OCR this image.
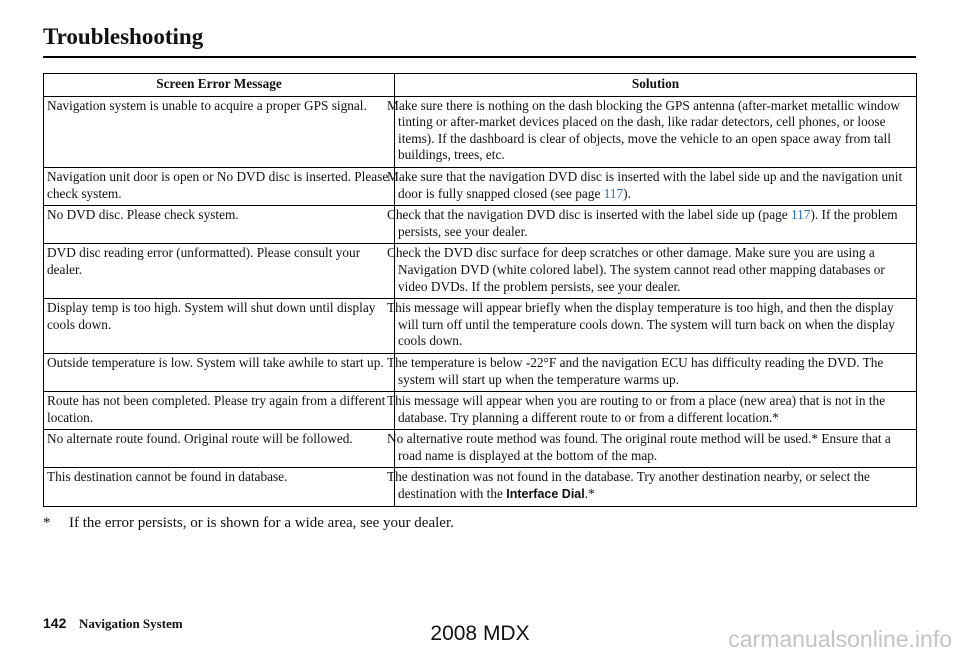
Troubleshooting
Screen Error Message	Solution
Navigation system is unable to acquire a proper GPS signal.	Make sure there is nothing on the dash blocking the GPS antenna (after-market metallic window tinting or after-market devices placed on the dash, like radar detectors, cell phones, or loose items). If the dashboard is clear of objects, move the vehicle to an open space away from tall buildings, trees, etc.
Navigation unit door is open or No DVD disc is inserted. Please check system.	Make sure that the navigation DVD disc is inserted with the label side up and the navigation unit door is fully snapped closed (see page 117).
No DVD disc. Please check system.	Check that the navigation DVD disc is inserted with the label side up (page 117). If the problem persists, see your dealer.
DVD disc reading error (unformatted). Please consult your dealer.	Check the DVD disc surface for deep scratches or other damage. Make sure you are using a Navigation DVD (white colored label). The system cannot read other mapping databases or video DVDs. If the problem persists, see your dealer.
Display temp is too high. System will shut down until display cools down.	This message will appear briefly when the display temperature is too high, and then the display will turn off until the temperature cools down. The system will turn back on when the display cools down.
Outside temperature is low. System will take awhile to start up.	The temperature is below -22°F and the navigation ECU has difficulty reading the DVD. The system will start up when the temperature warms up.
Route has not been completed. Please try again from a different location.	This message will appear when you are routing to or from a place (new area) that is not in the database. Try planning a different route to or from a different location.*
No alternate route found. Original route will be followed.	No alternative route method was found. The original route method will be used.* Ensure that a road name is displayed at the bottom of the map.
This destination cannot be found in database.	The destination was not found in the database. Try another destination nearby, or select the destination with the Interface Dial.*
* If the error persists, or is shown for a wide area, see your dealer.
142 Navigation System	2008 MDX	carmanualsonline.info
